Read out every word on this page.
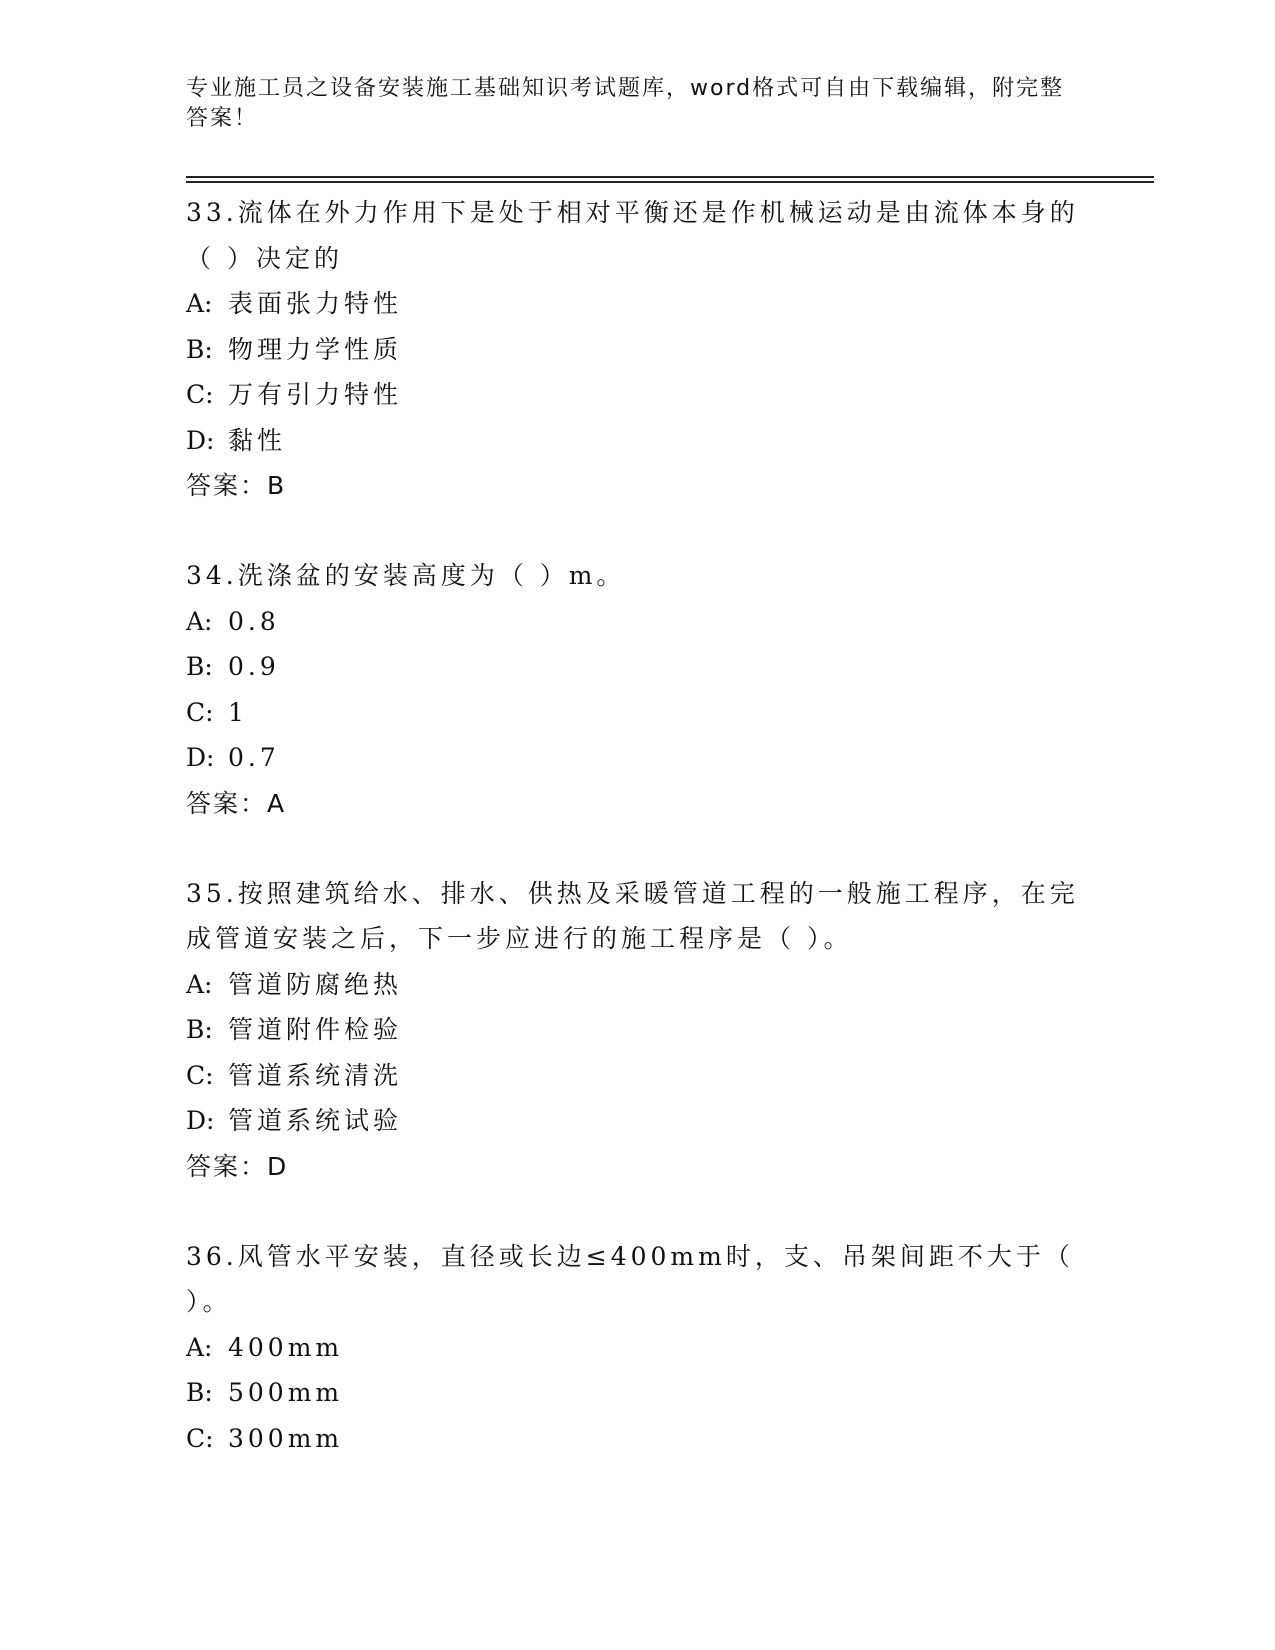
专业施工员之设备安装施工基础知识考试题库，word格式可自由下载编辑，附完整答案！
33.流体在外力作用下是处于相对平衡还是作机械运动是由流体本身的（ ）决定的
A: 表面张力特性
B: 物理力学性质
C: 万有引力特性
D: 黏性
答案：B
34.洗涤盆的安装高度为（ ）m。
A: 0.8
B: 0.9
C: 1
D: 0.7
答案：A
35.按照建筑给水、排水、供热及采暖管道工程的一般施工程序，在完成管道安装之后，下一步应进行的施工程序是（ ）。
A: 管道防腐绝热
B: 管道附件检验
C: 管道系统清洗
D: 管道系统试验
答案：D
36.风管水平安装，直径或长边≤400mm时，支、吊架间距不大于（ ）。
A: 400mm
B: 500mm
C: 300mm
